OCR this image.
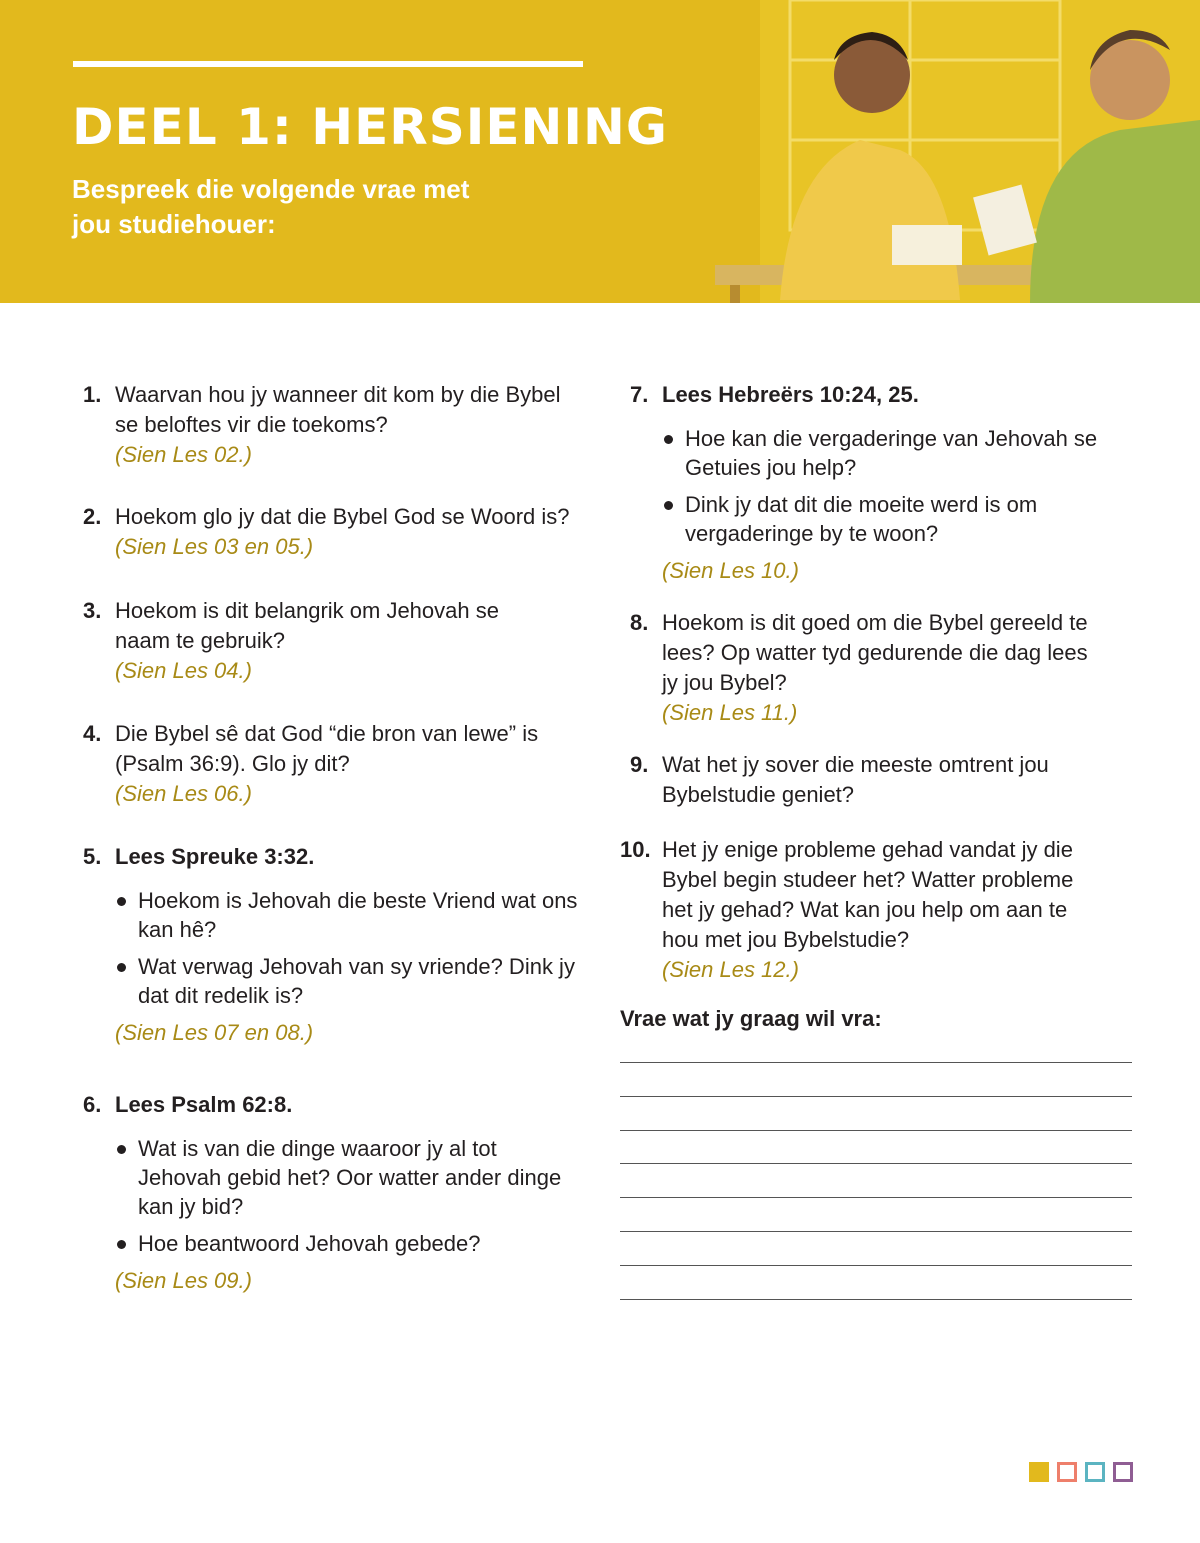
DEEL 1: HERSIENING
Bespreek die volgende vrae met jou studiehouer:
1. Waarvan hou jy wanneer dit kom by die Bybel se beloftes vir die toekoms?
(Sien Les 02.)
2. Hoekom glo jy dat die Bybel God se Woord is?
(Sien Les 03 en 05.)
3. Hoekom is dit belangrik om Jehovah se naam te gebruik?
(Sien Les 04.)
4. Die Bybel sê dat God “die bron van lewe” is (Psalm 36:9). Glo jy dit?
(Sien Les 06.)
5. Lees Spreuke 3:32.
Hoekom is Jehovah die beste Vriend wat ons kan hê?
Wat verwag Jehovah van sy vriende? Dink jy dat dit redelik is?
(Sien Les 07 en 08.)
6. Lees Psalm 62:8.
Wat is van die dinge waaroor jy al tot Jehovah gebid het? Oor watter ander dinge kan jy bid?
Hoe beantwoord Jehovah gebede?
(Sien Les 09.)
7. Lees Hebreërs 10:24, 25.
Hoe kan die vergaderinge van Jehovah se Getuies jou help?
Dink jy dat dit die moeite werd is om vergaderinge by te woon?
(Sien Les 10.)
8. Hoekom is dit goed om die Bybel gereeld te lees? Op watter tyd gedurende die dag lees jy jou Bybel?
(Sien Les 11.)
9. Wat het jy sover die meeste omtrent jou Bybelstudie geniet?
10. Het jy enige probleme gehad vandat jy die Bybel begin studeer het? Watter probleme het jy gehad? Wat kan jou help om aan te hou met jou Bybelstudie?
(Sien Les 12.)
Vrae wat jy graag wil vra:
